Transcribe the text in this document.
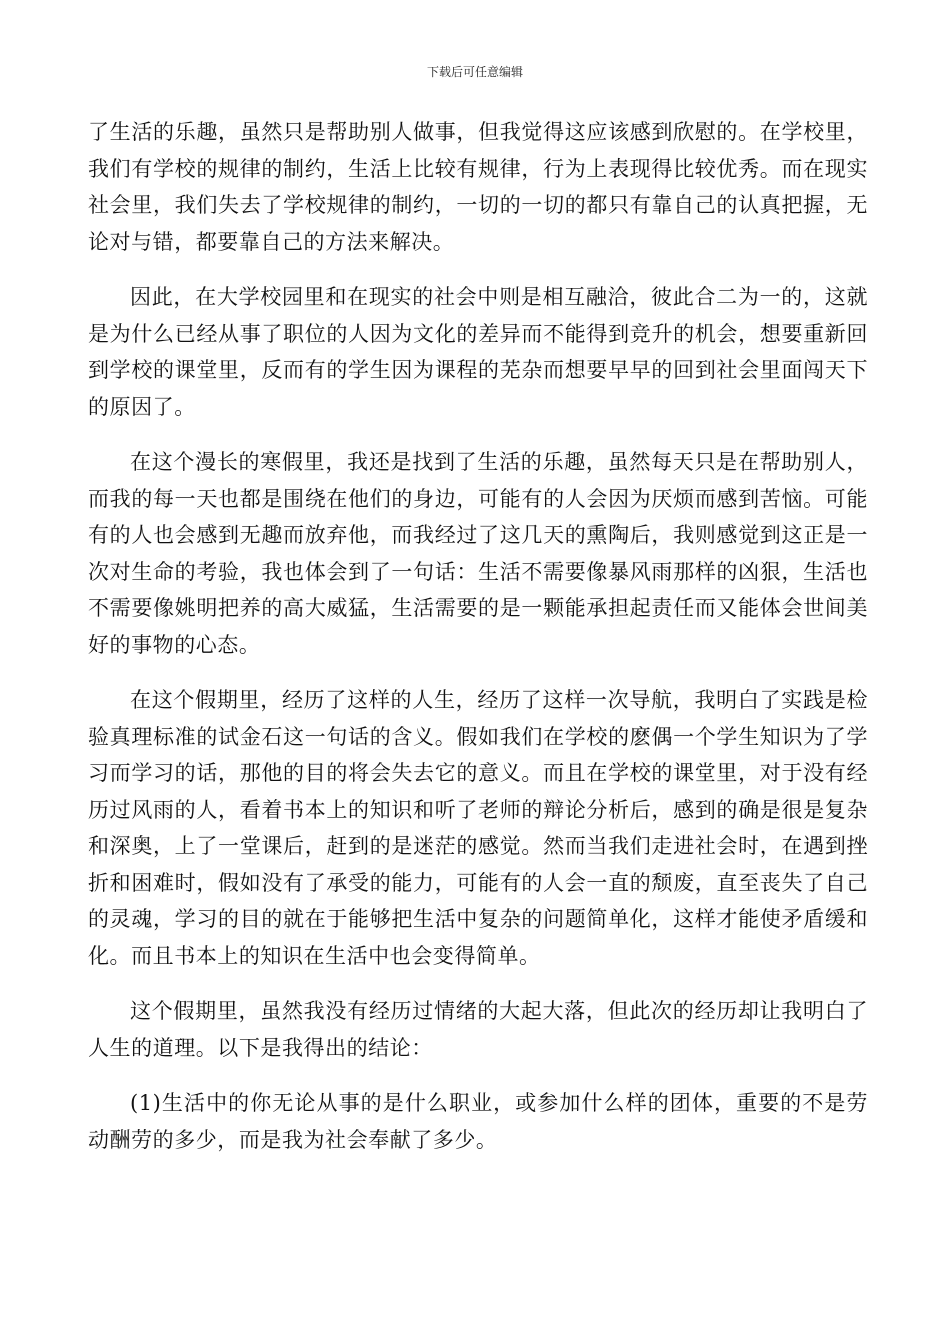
下载后可任意编辑

了生活的乐趣，虽然只是帮助别人做事，但我觉得这应该感到欣慰的。在学校里，我们有学校的规律的制约，生活上比较有规律，行为上表现得比较优秀。而在现实社会里，我们失去了学校规律的制约，一切的一切的都只有靠自己的认真把握，无论对与错，都要靠自己的方法来解决。

因此，在大学校园里和在现实的社会中则是相互融洽，彼此合二为一的，这就是为什么已经从事了职位的人因为文化的差异而不能得到竞升的机会，想要重新回到学校的课堂里，反而有的学生因为课程的芜杂而想要早早的回到社会里面闯天下的原因了。

在这个漫长的寒假里，我还是找到了生活的乐趣，虽然每天只是在帮助别人，而我的每一天也都是围绕在他们的身边，可能有的人会因为厌烦而感到苦恼。可能有的人也会感到无趣而放弃他，而我经过了这几天的熏陶后，我则感觉到这正是一次对生命的考验，我也体会到了一句话：生活不需要像暴风雨那样的凶狠，生活也不需要像姚明把养的高大威猛，生活需要的是一颗能承担起责任而又能体会世间美好的事物的心态。

在这个假期里，经历了这样的人生，经历了这样一次导航，我明白了实践是检验真理标准的试金石这一句话的含义。假如我们在学校的麽偶一个学生知识为了学习而学习的话，那他的目的将会失去它的意义。而且在学校的课堂里，对于没有经历过风雨的人，看着书本上的知识和听了老师的辩论分析后，感到的确是很是复杂和深奥，上了一堂课后，赶到的是迷茫的感觉。然而当我们走进社会时，在遇到挫折和困难时，假如没有了承受的能力，可能有的人会一直的颓废，直至丧失了自己的灵魂，学习的目的就在于能够把生活中复杂的问题简单化，这样才能使矛盾缓和化。而且书本上的知识在生活中也会变得简单。

这个假期里，虽然我没有经历过情绪的大起大落，但此次的经历却让我明白了人生的道理。以下是我得出的结论：

(1)生活中的你无论从事的是什么职业，或参加什么样的团体，重要的不是劳动酬劳的多少，而是我为社会奉献了多少。
